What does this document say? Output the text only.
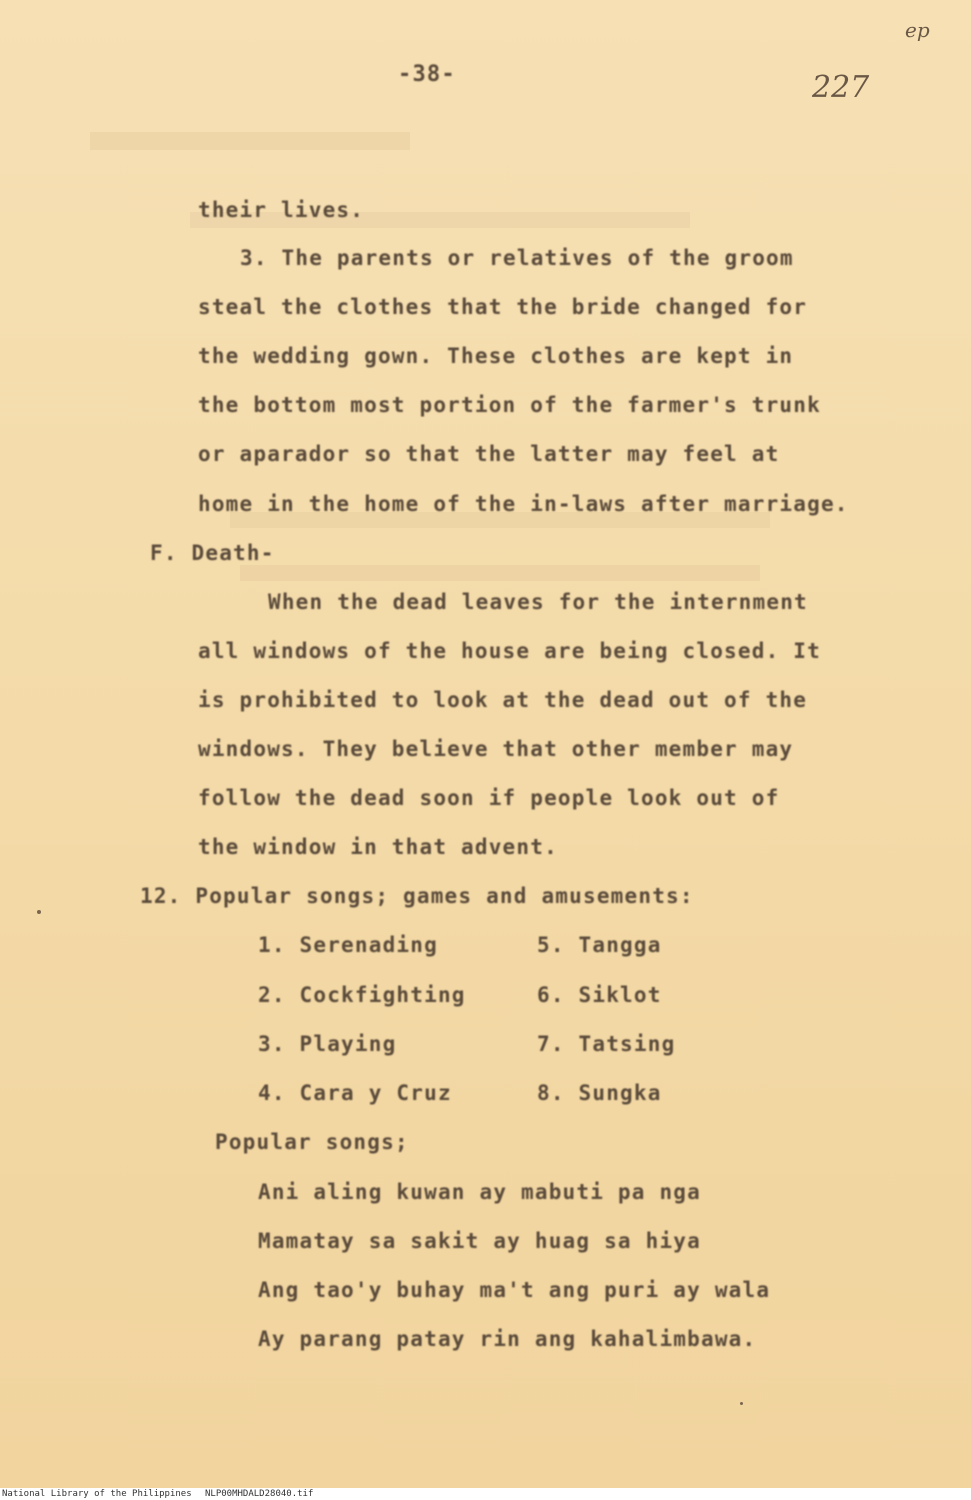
ep
227
-38-
their lives.
3. The parents or relatives of the groom
steal the clothes that the bride changed for
the wedding gown. These clothes are kept in
the bottom most portion of the farmer's trunk
or aparador so that the latter may feel at
home in the home of the in-laws after marriage.
F. Death-
When the dead leaves for the internment
all windows of the house are being closed. It
is prohibited to look at the dead out of the
windows. They believe that other member may
follow the dead soon if people look out of
the window in that advent.
12. Popular songs; games and amusements:
1. Serenading
2. Cockfighting
3. Playing
4. Cara y Cruz
5. Tangga
6. Siklot
7. Tatsing
8. Sungka
Popular songs;
Ani aling kuwan ay mabuti pa nga
Mamatay sa sakit ay huag sa hiya
Ang tao'y buhay ma't ang puri ay wala
Ay parang patay rin ang kahalimbawa.
National Library of the Philippines NLP00MHDALD28040.tif
